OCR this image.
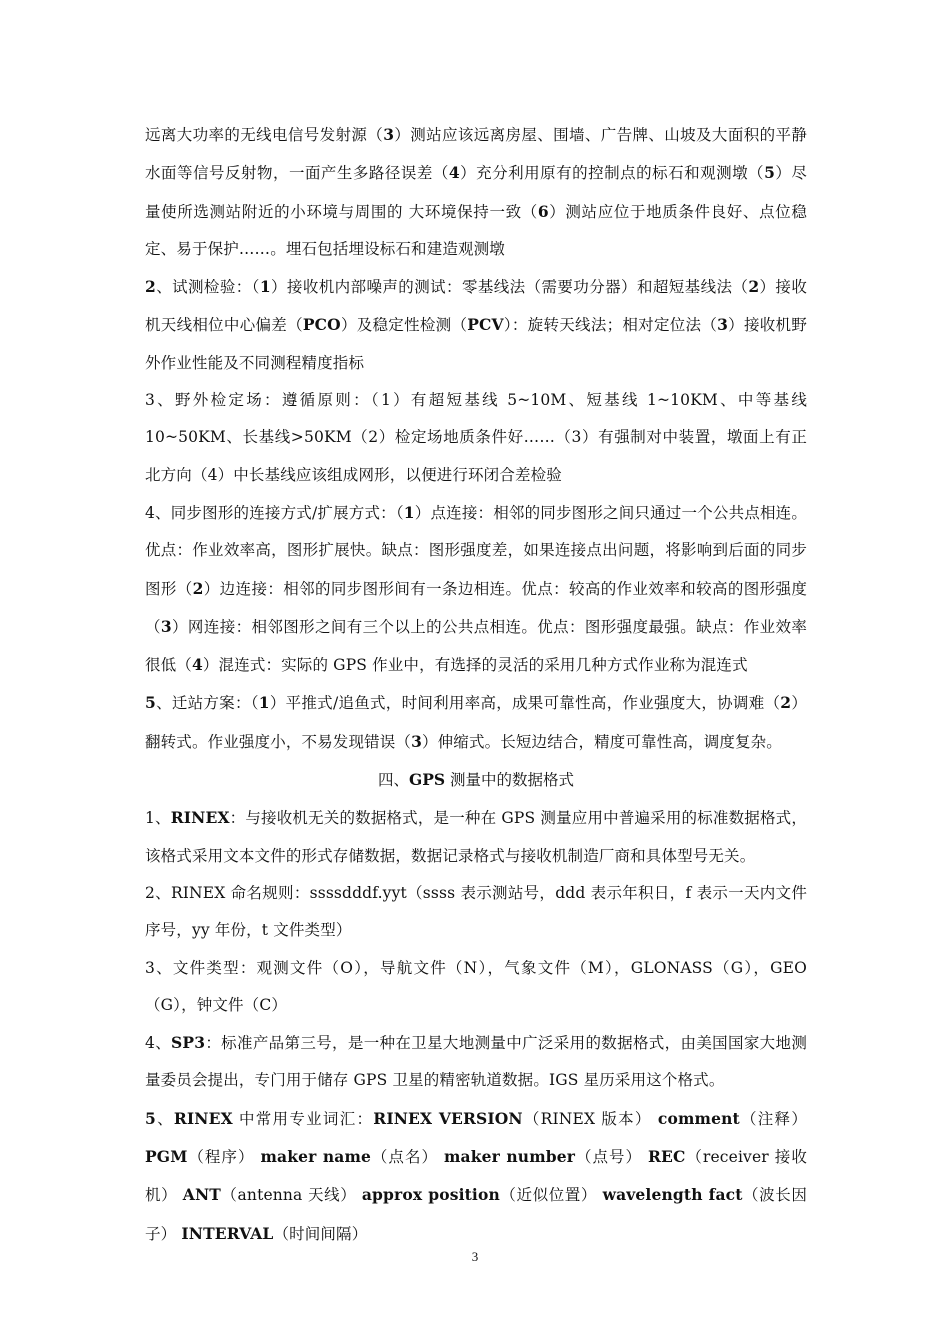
远离大功率的无线电信号发射源（3）测站应该远离房屋、围墙、广告牌、山坡及大面积的平静水面等信号反射物，一面产生多路径误差（4）充分利用原有的控制点的标石和观测墩（5）尽量使所选测站附近的小环境与周围的 大环境保持一致（6）测站应位于地质条件良好、点位稳定、易于保护……。埋石包括埋设标石和建造观测墩

2、试测检验：（1）接收机内部噪声的测试：零基线法（需要功分器）和超短基线法（2）接收机天线相位中心偏差（PCO）及稳定性检测（PCV）：旋转天线法；相对定位法（3）接收机野外作业性能及不同测程精度指标

3、野外检定场：遵循原则：（1）有超短基线 5~10M、短基线 1~10KM、中等基线 10~50KM、长基线>50KM（2）检定场地质条件好……（3）有强制对中装置，墩面上有正北方向（4）中长基线应该组成网形，以便进行环闭合差检验

4、同步图形的连接方式/扩展方式：（1）点连接：相邻的同步图形之间只通过一个公共点相连。优点：作业效率高，图形扩展快。缺点：图形强度差，如果连接点出问题，将影响到后面的同步图形（2）边连接：相邻的同步图形间有一条边相连。优点：较高的作业效率和较高的图形强度（3）网连接：相邻图形之间有三个以上的公共点相连。优点：图形强度最强。缺点：作业效率很低（4）混连式：实际的 GPS 作业中，有选择的灵活的采用几种方式作业称为混连式

5、迁站方案：（1）平推式/追鱼式，时间利用率高，成果可靠性高，作业强度大，协调难（2）翻转式。作业强度小，不易发现错误（3）伸缩式。长短边结合，精度可靠性高，调度复杂。

四、GPS 测量中的数据格式

1、RINEX：与接收机无关的数据格式，是一种在 GPS 测量应用中普遍采用的标准数据格式，该格式采用文本文件的形式存储数据，数据记录格式与接收机制造厂商和具体型号无关。

2、RINEX 命名规则：ssssdddf.yyt（ssss 表示测站号，ddd 表示年积日，f 表示一天内文件序号，yy 年份，t 文件类型）

3、文件类型：观测文件（O），导航文件（N），气象文件（M），GLONASS（G），GEO（G），钟文件（C）

4、SP3：标准产品第三号，是一种在卫星大地测量中广泛采用的数据格式，由美国国家大地测量委员会提出，专门用于储存 GPS 卫星的精密轨道数据。IGS 星历采用这个格式。

5、RINEX 中常用专业词汇：RINEX VERSION（RINEX 版本） comment（注释） PGM（程序） maker name（点名） maker number（点号） REC（receiver 接收机） ANT（antenna 天线） approx position（近似位置） wavelength fact（波长因子） INTERVAL（时间间隔）

3
